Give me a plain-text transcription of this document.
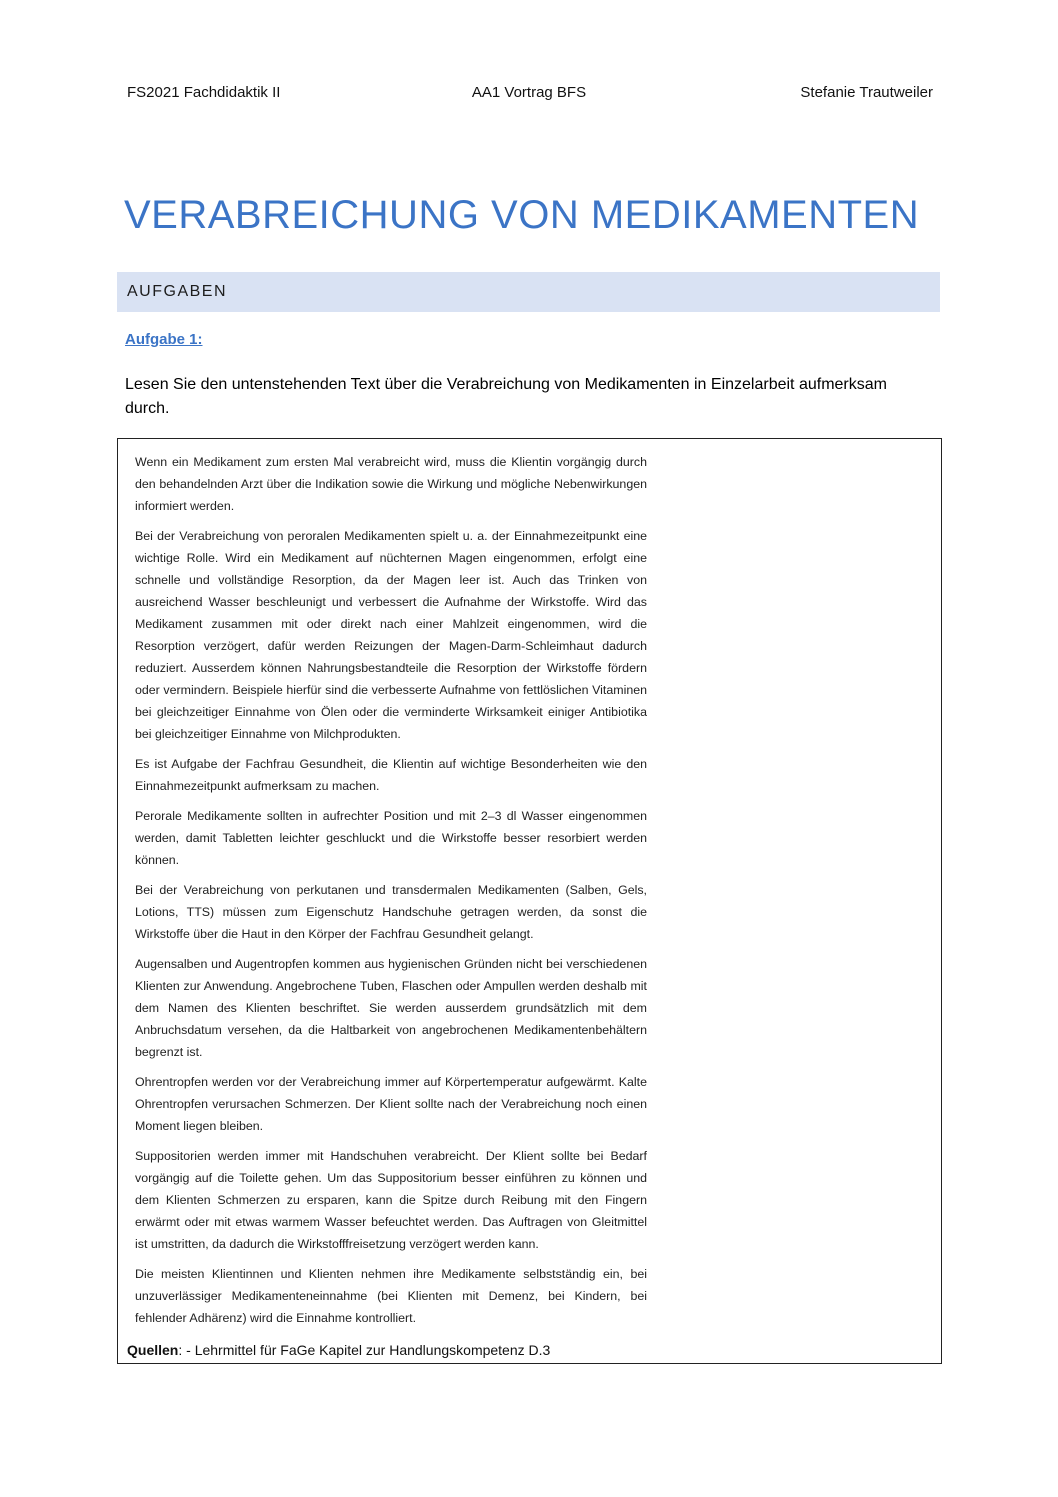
FS2021 Fachdidaktik II	AA1 Vortrag BFS	Stefanie Trautweiler
VERABREICHUNG VON MEDIKAMENTEN
AUFGABEN
Aufgabe 1:
Lesen Sie den untenstehenden Text über die Verabreichung von Medikamenten in Einzelarbeit aufmerksam durch.

Wenn ein Medikament zum ersten Mal verabreicht wird, muss die Klientin vorgängig durch den behandelnden Arzt über die Indikation sowie die Wirkung und mögliche Nebenwirkungen informiert werden.

Bei der Verabreichung von peroralen Medikamenten spielt u. a. der Einnahmezeitpunkt eine wichtige Rolle. Wird ein Medikament auf nüchternen Magen eingenommen, erfolgt eine schnelle und vollständige Resorption, da der Magen leer ist. Auch das Trinken von ausreichend Wasser beschleunigt und verbessert die Aufnahme der Wirkstoffe. Wird das Medikament zusammen mit oder direkt nach einer Mahlzeit eingenommen, wird die Resorption verzögert, dafür werden Reizungen der Magen-Darm-Schleimhaut dadurch reduziert. Ausserdem können Nahrungsbestandteile die Resorption der Wirkstoffe fördern oder vermindern. Beispiele hierfür sind die verbesserte Aufnahme von fettlöslichen Vitaminen bei gleichzeitiger Einnahme von Ölen oder die verminderte Wirksamkeit einiger Antibiotika bei gleichzeitiger Einnahme von Milchprodukten.

Es ist Aufgabe der Fachfrau Gesundheit, die Klientin auf wichtige Besonderheiten wie den Einnahmezeitpunkt aufmerksam zu machen.

Perorale Medikamente sollten in aufrechter Position und mit 2–3 dl Wasser eingenommen werden, damit Tabletten leichter geschluckt und die Wirkstoffe besser resorbiert werden können.

Bei der Verabreichung von perkutanen und transdermalen Medikamenten (Salben, Gels, Lotions, TTS) müssen zum Eigenschutz Handschuhe getragen werden, da sonst die Wirkstoffe über die Haut in den Körper der Fachfrau Gesundheit gelangt.

Augensalben und Augentropfen kommen aus hygienischen Gründen nicht bei verschiedenen Klienten zur Anwendung. Angebrochene Tuben, Flaschen oder Ampullen werden deshalb mit dem Namen des Klienten beschriftet. Sie werden ausserdem grundsätzlich mit dem Anbruchsdatum versehen, da die Haltbarkeit von angebrochenen Medikamentenbehältern begrenzt ist.

Ohrentropfen werden vor der Verabreichung immer auf Körpertemperatur aufgewärmt. Kalte Ohrentropfen verursachen Schmerzen. Der Klient sollte nach der Verabreichung noch einen Moment liegen bleiben.

Suppositorien werden immer mit Handschuhen verabreicht. Der Klient sollte bei Bedarf vorgängig auf die Toilette gehen. Um das Suppositorium besser einführen zu können und dem Klienten Schmerzen zu ersparen, kann die Spitze durch Reibung mit den Fingern erwärmt oder mit etwas warmem Wasser befeuchtet werden. Das Auftragen von Gleitmittel ist umstritten, da dadurch die Wirkstofffreisetzung verzögert werden kann.

Die meisten Klientinnen und Klienten nehmen ihre Medikamente selbstständig ein, bei unzuverlässiger Medikamenteneinnahme (bei Klienten mit Demenz, bei Kindern, bei fehlender Adhärenz) wird die Einnahme kontrolliert.

Quellen: - Lehrmittel für FaGe Kapitel zur Handlungskompetenz D.3
